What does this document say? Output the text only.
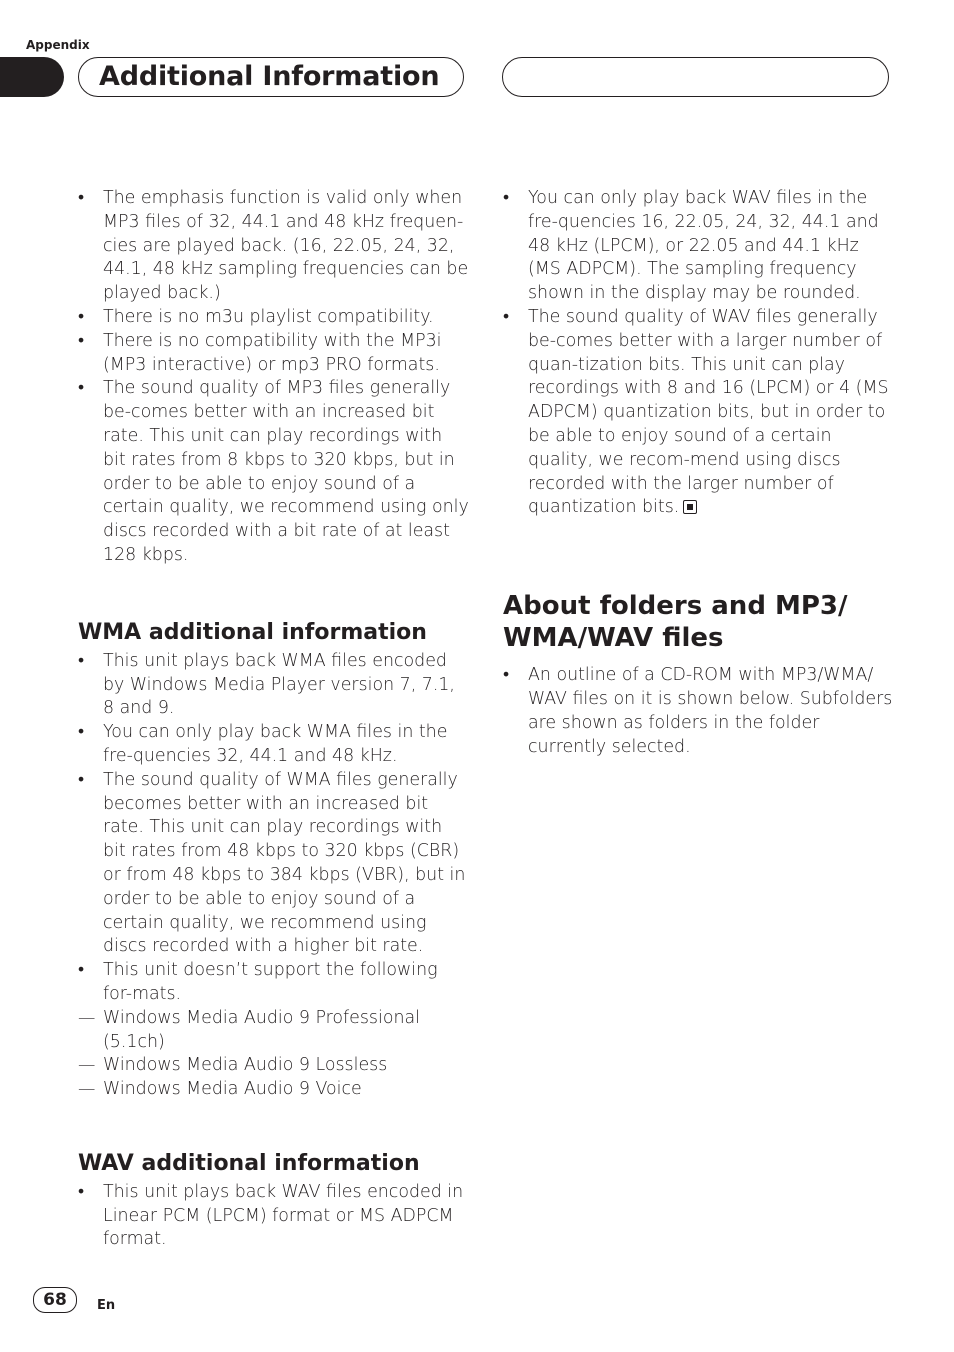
Appendix
Additional Information
•	The emphasis function is valid only when MP3 files of 32, 44.1 and 48 kHz frequen-cies are played back. (16, 22.05, 24, 32, 44.1, 48 kHz sampling frequencies can be played back.)
•	There is no m3u playlist compatibility.
•	There is no compatibility with the MP3i (MP3 interactive) or mp3 PRO formats.
•	The sound quality of MP3 files generally be-comes better with an increased bit rate. This unit can play recordings with bit rates from 8 kbps to 320 kbps, but in order to be able to enjoy sound of a certain quality, we recommend using only discs recorded with a bit rate of at least 128 kbps.
WMA additional information
•	This unit plays back WMA files encoded by Windows Media Player version 7, 7.1, 8 and 9.
•	You can only play back WMA files in the fre-quencies 32, 44.1 and 48 kHz.
•	The sound quality of WMA files generally becomes better with an increased bit rate. This unit can play recordings with bit rates from 48 kbps to 320 kbps (CBR) or from 48 kbps to 384 kbps (VBR), but in order to be able to enjoy sound of a certain quality, we recommend using discs recorded with a higher bit rate.
•	This unit doesn’t support the following for-mats.
— Windows Media Audio 9 Professional (5.1ch)
— Windows Media Audio 9 Lossless
— Windows Media Audio 9 Voice
WAV additional information
•	This unit plays back WAV files encoded in Linear PCM (LPCM) format or MS ADPCM format.
•	You can only play back WAV files in the fre-quencies 16, 22.05, 24, 32, 44.1 and 48 kHz (LPCM), or 22.05 and 44.1 kHz (MS ADPCM). The sampling frequency shown in the display may be rounded.
•	The sound quality of WAV files generally be-comes better with a larger number of quan-tization bits. This unit can play recordings with 8 and 16 (LPCM) or 4 (MS ADPCM) quantization bits, but in order to be able to enjoy sound of a certain quality, we recom-mend using discs recorded with the larger number of quantization bits.
About folders and MP3/
WMA/WAV files
•	An outline of a CD-ROM with MP3/WMA/ WAV files on it is shown below. Subfolders are shown as folders in the folder currently selected.
68	En
